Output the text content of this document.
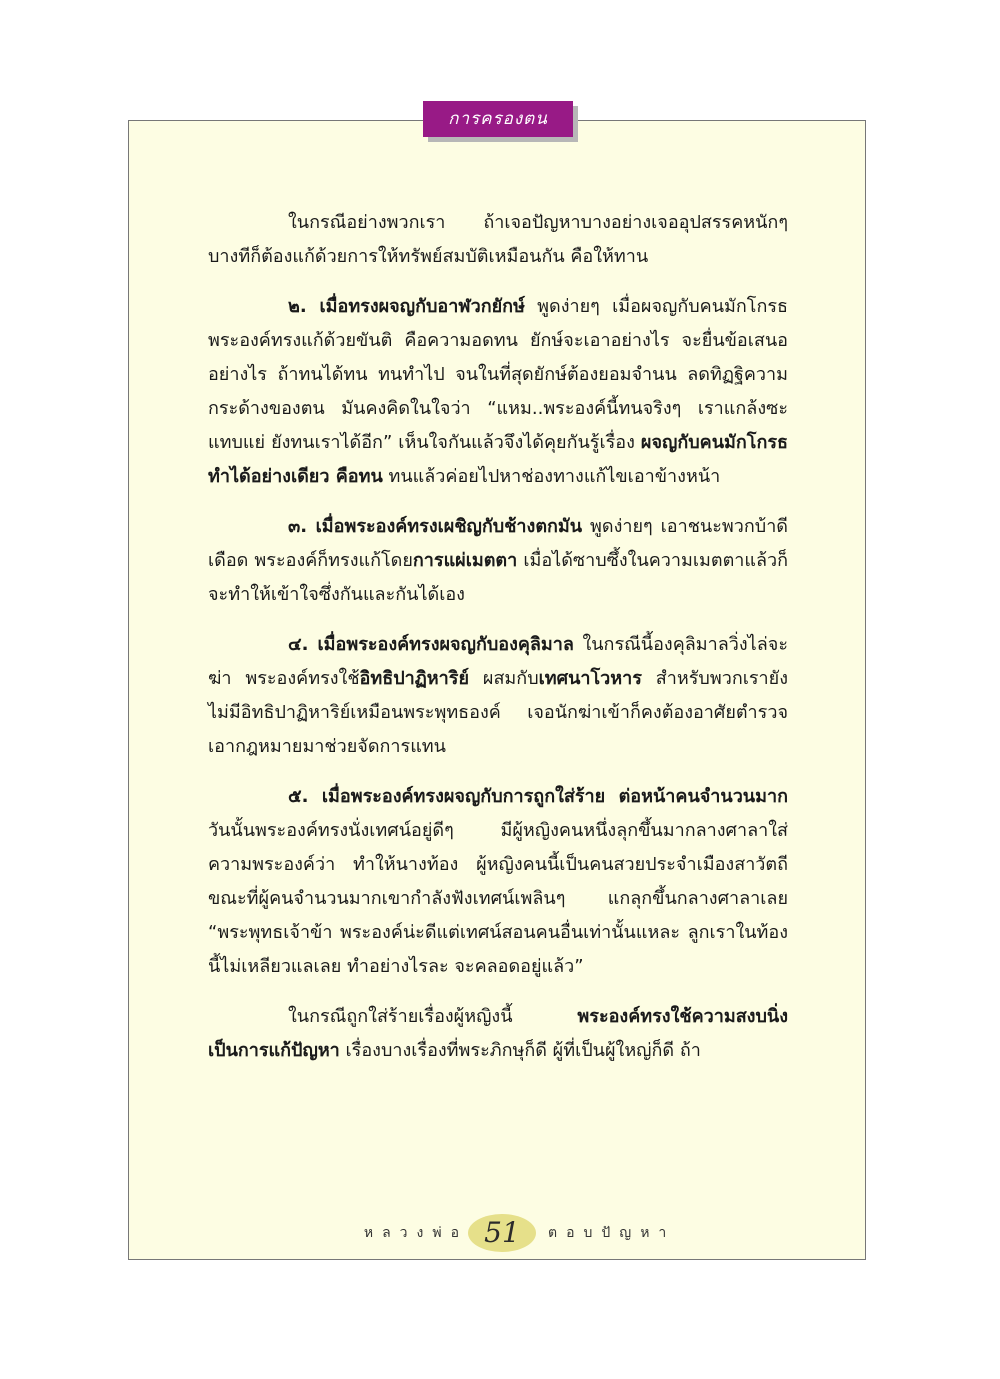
การครองตน

ในกรณีอย่างพวกเรา ถ้าเจอปัญหาบางอย่างเจออุปสรรคหนักๆ บางทีก็ต้องแก้ด้วยการให้ทรัพย์สมบัติเหมือนกัน คือให้ทาน

๒. เมื่อทรงผจญกับอาฬวกยักษ์ พูดง่ายๆ เมื่อผจญกับคนมักโกรธ พระองค์ทรงแก้ด้วยขันติ คือความอดทน ยักษ์จะเอาอย่างไร จะยื่นข้อเสนออย่างไร ถ้าทนได้ทน ทนทำไป จนในที่สุดยักษ์ต้องยอมจำนน ลดทิฏฐิความกระด้างของตน มันคงคิดในใจว่า “แหม..พระองค์นี้ทนจริงๆ เราแกล้งซะแทบแย่ ยังทนเราได้อีก” เห็นใจกันแล้วจึงได้คุยกันรู้เรื่อง ผจญกับคนมักโกรธทำได้อย่างเดียว คือทน ทนแล้วค่อยไปหาช่องทางแก้ไขเอาข้างหน้า

๓. เมื่อพระองค์ทรงเผชิญกับช้างตกมัน พูดง่ายๆ เอาชนะพวกบ้าดีเดือด พระองค์ก็ทรงแก้โดยการแผ่เมตตา เมื่อได้ซาบซึ้งในความเมตตาแล้วก็จะทำให้เข้าใจซึ่งกันและกันได้เอง

๔. เมื่อพระองค์ทรงผจญกับองคุลิมาล ในกรณีนี้องคุลิมาลวิ่งไล่จะฆ่า พระองค์ทรงใช้อิทธิปาฏิหาริย์ ผสมกับเทศนาโวหาร สำหรับพวกเรายังไม่มีอิทธิปาฏิหาริย์เหมือนพระพุทธองค์ เจอนักฆ่าเข้าก็คงต้องอาศัยตำรวจ เอากฎหมายมาช่วยจัดการแทน

๕. เมื่อพระองค์ทรงผจญกับการถูกใส่ร้าย ต่อหน้าคนจำนวนมาก วันนั้นพระองค์ทรงนั่งเทศน์อยู่ดีๆ มีผู้หญิงคนหนึ่งลุกขึ้นมากลางศาลาใส่ความพระองค์ว่า ทำให้นางท้อง ผู้หญิงคนนี้เป็นคนสวยประจำเมืองสาวัตถี ขณะที่ผู้คนจำนวนมากเขากำลังฟังเทศน์เพลินๆ แกลุกขึ้นกลางศาลาเลย “พระพุทธเจ้าข้า พระองค์น่ะดีแต่เทศน์สอนคนอื่นเท่านั้นแหละ ลูกเราในท้องนี้ไม่เหลียวแลเลย ทำอย่างไรละ จะคลอดอยู่แล้ว”

ในกรณีถูกใส่ร้ายเรื่องผู้หญิงนี้ พระองค์ทรงใช้ความสงบนิ่งเป็นการแก้ปัญหา เรื่องบางเรื่องที่พระภิกษุก็ดี ผู้ที่เป็นผู้ใหญ่ก็ดี ถ้า

หลวงพ่อ 51	ตอบปัญหา
